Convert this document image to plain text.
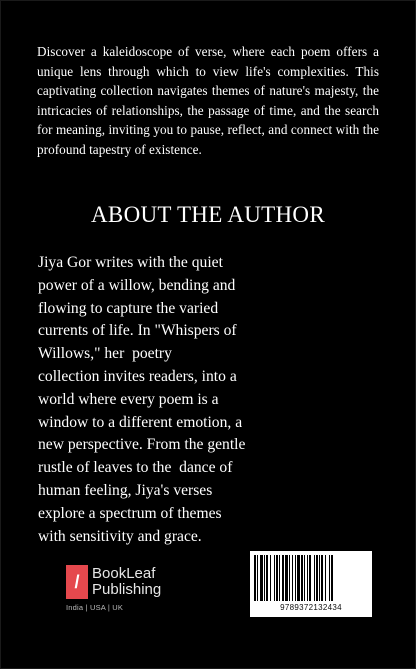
Discover a kaleidoscope of verse, where each poem offers a unique lens through which to view life's complexities. This captivating collection navigates themes of nature's majesty, the intricacies of relationships, the passage of time, and the search for meaning, inviting you to pause, reflect, and connect with the profound tapestry of existence.

ABOUT THE AUTHOR
Jiya Gor writes with the quiet
power of a willow, bending and
flowing to capture the varied
currents of life. In "Whispers of
Willows," her  poetry
collection invites readers, into a
world where every poem is a
window to a different emotion, a
new perspective. From the gentle
rustle of leaves to the  dance of
human feeling, Jiya's verses
explore a spectrum of themes
with sensitivity and grace.
/ BookLeaf
Publishing
India | USA | UK	9789372132434
